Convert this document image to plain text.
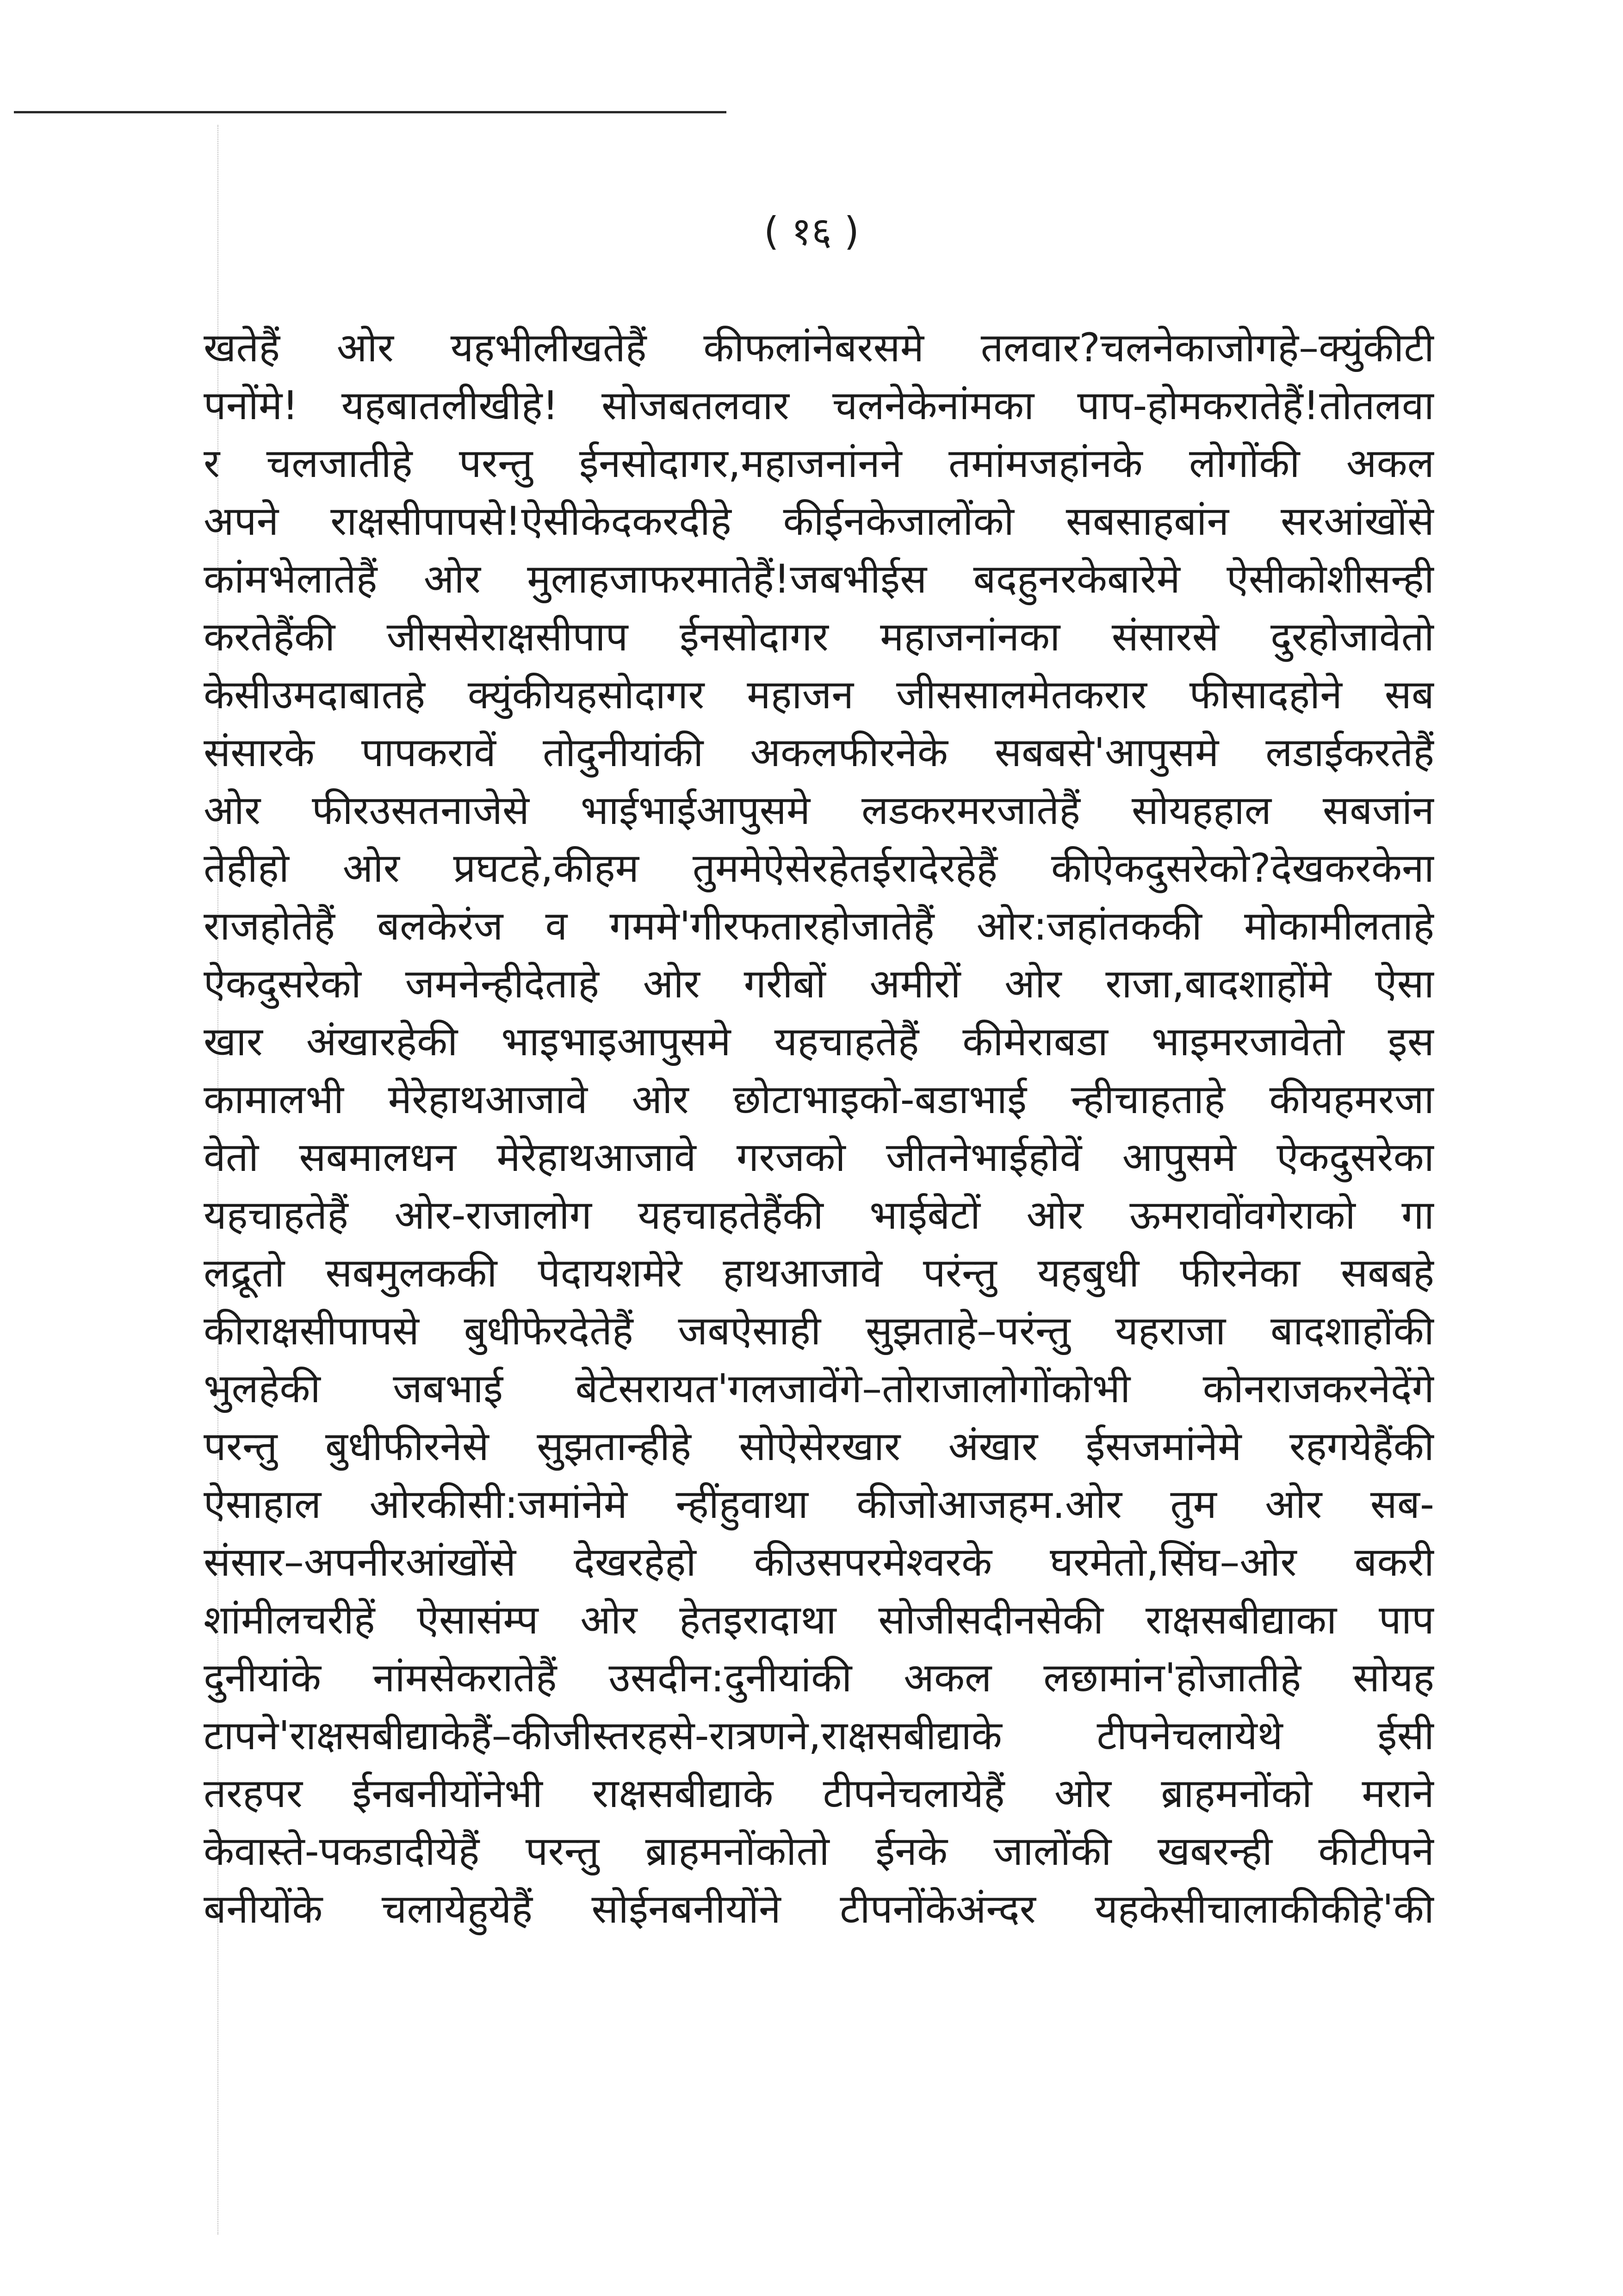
( १६ )
खतेहैं ओर यहभीलीखतेहैं कीफलांनेबरसमे तलवार?चलनेकाजोगहे–क्युंकीटी
पनोंमे! यहबातलीखीहे! सोजबतलवार चलनेकेनांमका पाप-होमकरातेहैं!तोतलवा
र चलजातीहे परन्तु ईनसोदागर,महाजनांनने तमांमजहांनके लोगोंकी अकल
अपने राक्षसीपापसे!ऐसीकेदकरदीहे कीईनकेजालोंको सबसाहबांन सरआंखोंसे
कांमभेलातेहैं ओर मुलाहजाफरमातेहैं!जबभीईस बदहुनरकेबारेमे ऐसीकोशीसन्ही
करतेहैंकी जीससेराक्षसीपाप ईनसोदागर महाजनांनका संसारसे दुरहोजावेतो
केसीउमदाबातहे क्युंकीयहसोदागर महाजन जीससालमेतकरार फीसादहोने सब
संसारके पापकरावें तोदुनीयांकी अकलफीरनेके सबबसे'आपुसमे लडाईकरतेहैं
ओर फीरउसतनाजेसे भाईभाईआपुसमे लडकरमरजातेहैं सोयहहाल सबजांन
तेहीहो ओर प्रघटहे,कीहम तुममेऐसेरहेतईरादेरहेहैं कीऐकदुसरेको?देखकरकेना
राजहोतेहैं बलकेरंज व गममे'गीरफतारहोजातेहैं ओर:जहांतककी मोकामीलताहे
ऐकदुसरेको जमनेन्हीदेताहे ओर गरीबों अमीरों ओर राजा,बादशाहोंमे ऐसा
खार अंखारहेकी भाइभाइआपुसमे यहचाहतेहैं कीमेराबडा भाइमरजावेतो इस
कामालभी मेरेहाथआजावे ओर छोटाभाइको-बडाभाई न्हीचाहताहे कीयहमरजा
वेतो सबमालधन मेरेहाथआजावे गरजको जीतनेभाईहोवें आपुसमे ऐकदुसरेका
यहचाहतेहैं ओर-राजालोग यहचाहतेहैंकी भाईबेटों ओर ऊमरावोंवगेराको गा
लद्रूतो सबमुलककी पेदायशमेरे हाथआजावे परंन्तु यहबुधी फीरनेका सबबहे
कीराक्षसीपापसे बुधीफेरदेतेहैं जबऐसाही सुझताहे–परंन्तु यहराजा बादशाहोंकी
भुलहेकी जबभाई बेटेसरायत'गलजावेंगे–तोराजालोगोंकोभी कोनराजकरनेदेंगे
परन्तु बुधीफीरनेसे सुझतान्हीहे सोऐसेरखार अंखार ईसजमांनेमे रहगयेहैंकी
ऐसाहाल ओरकीसी:जमांनेमे न्हींहुवाथा कीजोआजहम.ओर तुम ओर सब-
संसार–अपनीरआंखोंसे देखरहेहो कीउसपरमेश्वरके घरमेतो,सिंघ–ओर बकरी
शांमीलचरीहें ऐसासंम्प ओर हेतइरादाथा सोजीसदीनसेकी राक्षसबीद्याका पाप
दुनीयांके नांमसेकरातेहैं उसदीन:दुनीयांकी अकल लछामांन'होजातीहे सोयह
टापने'राक्षसबीद्याकेहैं–कीजीस्तरहसे-रात्रणने,राक्षसबीद्याके टीपनेचलायेथे ईसी
तरहपर ईनबनीयोंनेभी राक्षसबीद्याके टीपनेचलायेहैं ओर ब्राहमनोंको मराने
केवास्ते-पकडादीयेहैं परन्तु ब्राहमनोंकोतो ईनके जालोंकी खबरन्ही कीटीपने
बनीयोंके चलायेहुयेहैं सोईनबनीयोंने टीपनोंकेअंन्दर यहकेसीचालाकीकीहे'की
